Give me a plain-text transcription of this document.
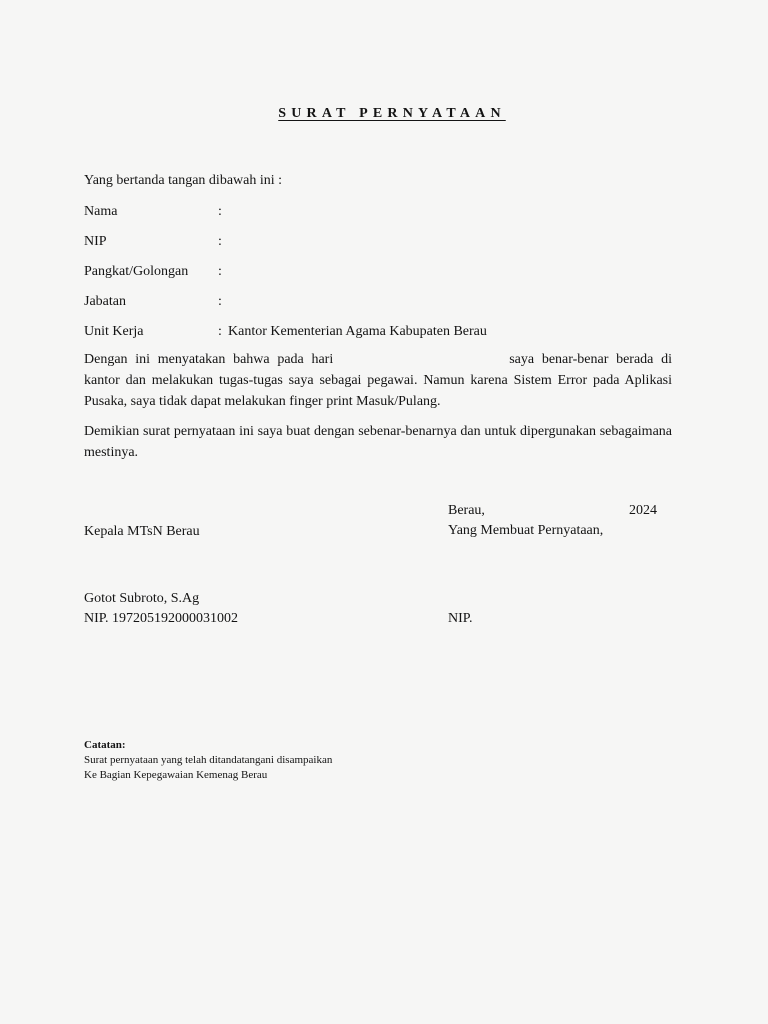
SURAT PERNYATAAN
Yang bertanda tangan dibawah ini :
Nama	:
NIP	:
Pangkat/Golongan :
Jabatan	:
Unit Kerja	: Kantor Kementerian Agama Kabupaten Berau
Dengan ini menyatakan bahwa pada hari	saya benar-benar berada di kantor dan melakukan tugas-tugas saya sebagai pegawai. Namun karena Sistem Error pada Aplikasi Pusaka, saya tidak dapat melakukan finger print Masuk/Pulang.
Demikian surat pernyataan ini saya buat dengan sebenar-benarnya dan untuk dipergunakan sebagaimana mestinya.
Berau,	2024
Kepala MTsN Berau	Yang Membuat Pernyataan,
Gotot Subroto, S.Ag
NIP. 197205192000031002	NIP.
Catatan:
Surat pernyataan yang telah ditandatangani disampaikan
Ke Bagian Kepegawaian Kemenag Berau
